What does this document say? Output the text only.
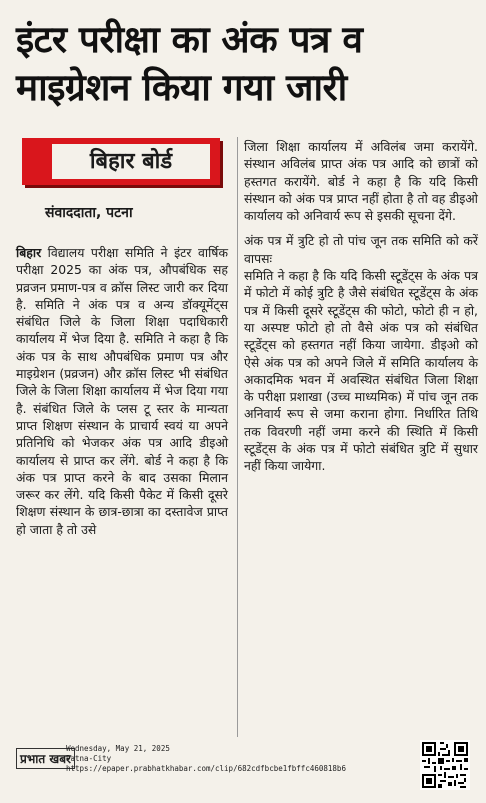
इंटर परीक्षा का अंक पत्र व
माइग्रेशन किया गया जारी
बिहार बोर्ड
संवाददाता, पटना

बिहार विद्यालय परीक्षा समिति ने इंटर वार्षिक परीक्षा 2025 का अंक पत्र, औपबंधिक सह प्रव्रजन प्रमाण-पत्र व क्रॉस लिस्ट जारी कर दिया है. समिति ने अंक पत्र व अन्य डॉक्यूमेंट्स संबंधित जिले के जिला शिक्षा पदाधिकारी कार्यालय में भेज दिया है. समिति ने कहा है कि अंक पत्र के साथ औपबंधिक प्रमाण पत्र और माइग्रेशन (प्रव्रजन) और क्रॉस लिस्ट भी संबंधित जिले के जिला शिक्षा कार्यालय में भेज दिया गया है. संबंधित जिले के प्लस टू स्तर के मान्यता प्राप्त शिक्षण संस्थान के प्राचार्य स्वयं या अपने प्रतिनिधि को भेजकर अंक पत्र आदि डीइओ कार्यालय से प्राप्त कर लेंगे. बोर्ड ने कहा है कि अंक पत्र प्राप्त करने के बाद उसका मिलान जरूर कर लेंगे. यदि किसी पैकेट में किसी दूसरे शिक्षण संस्थान के छात्र-छात्रा का दस्तावेज प्राप्त हो जाता है तो उसे

जिला शिक्षा कार्यालय में अविलंब जमा करायेंगे. संस्थान अविलंब प्राप्त अंक पत्र आदि को छात्रों को हस्तगत करायेंगे. बोर्ड ने कहा है कि यदि किसी संस्थान को अंक पत्र प्राप्त नहीं होता है तो वह डीइओ कार्यालय को अनिवार्य रूप से इसकी सूचना देंगे.

अंक पत्र में त्रुटि हो तो पांच जून तक समिति को करें वापसः

समिति ने कहा है कि यदि किसी स्टूडेंट्स के अंक पत्र में फोटो में कोई त्रुटि है जैसे संबंधित स्टूडेंट्स के अंक पत्र में किसी दूसरे स्टूडेंट्स की फोटो, फोटो ही न हो, या अस्पष्ट फोटो हो तो वैसे अंक पत्र को संबंधित स्टूडेंट्स को हस्तगत नहीं किया जायेगा. डीइओ को ऐसे अंक पत्र को अपने जिले में समिति कार्यालय के अकादमिक भवन में अवस्थित संबंधित जिला शिक्षा के परीक्षा प्रशाखा (उच्च माध्यमिक) में पांच जून तक अनिवार्य रूप से जमा कराना होगा. निर्धारित तिथि तक विवरणी नहीं जमा करने की स्थिति में किसी स्टूडेंट्स के अंक पत्र में फोटो संबंधित त्रुटि में सुधार नहीं किया जायेगा.

प्रभात खबर
Wednesday, May 21, 2025
Patna-City
https://epaper.prabhatkhabar.com/clip/682cdfbcbe1fbffc460818b6
